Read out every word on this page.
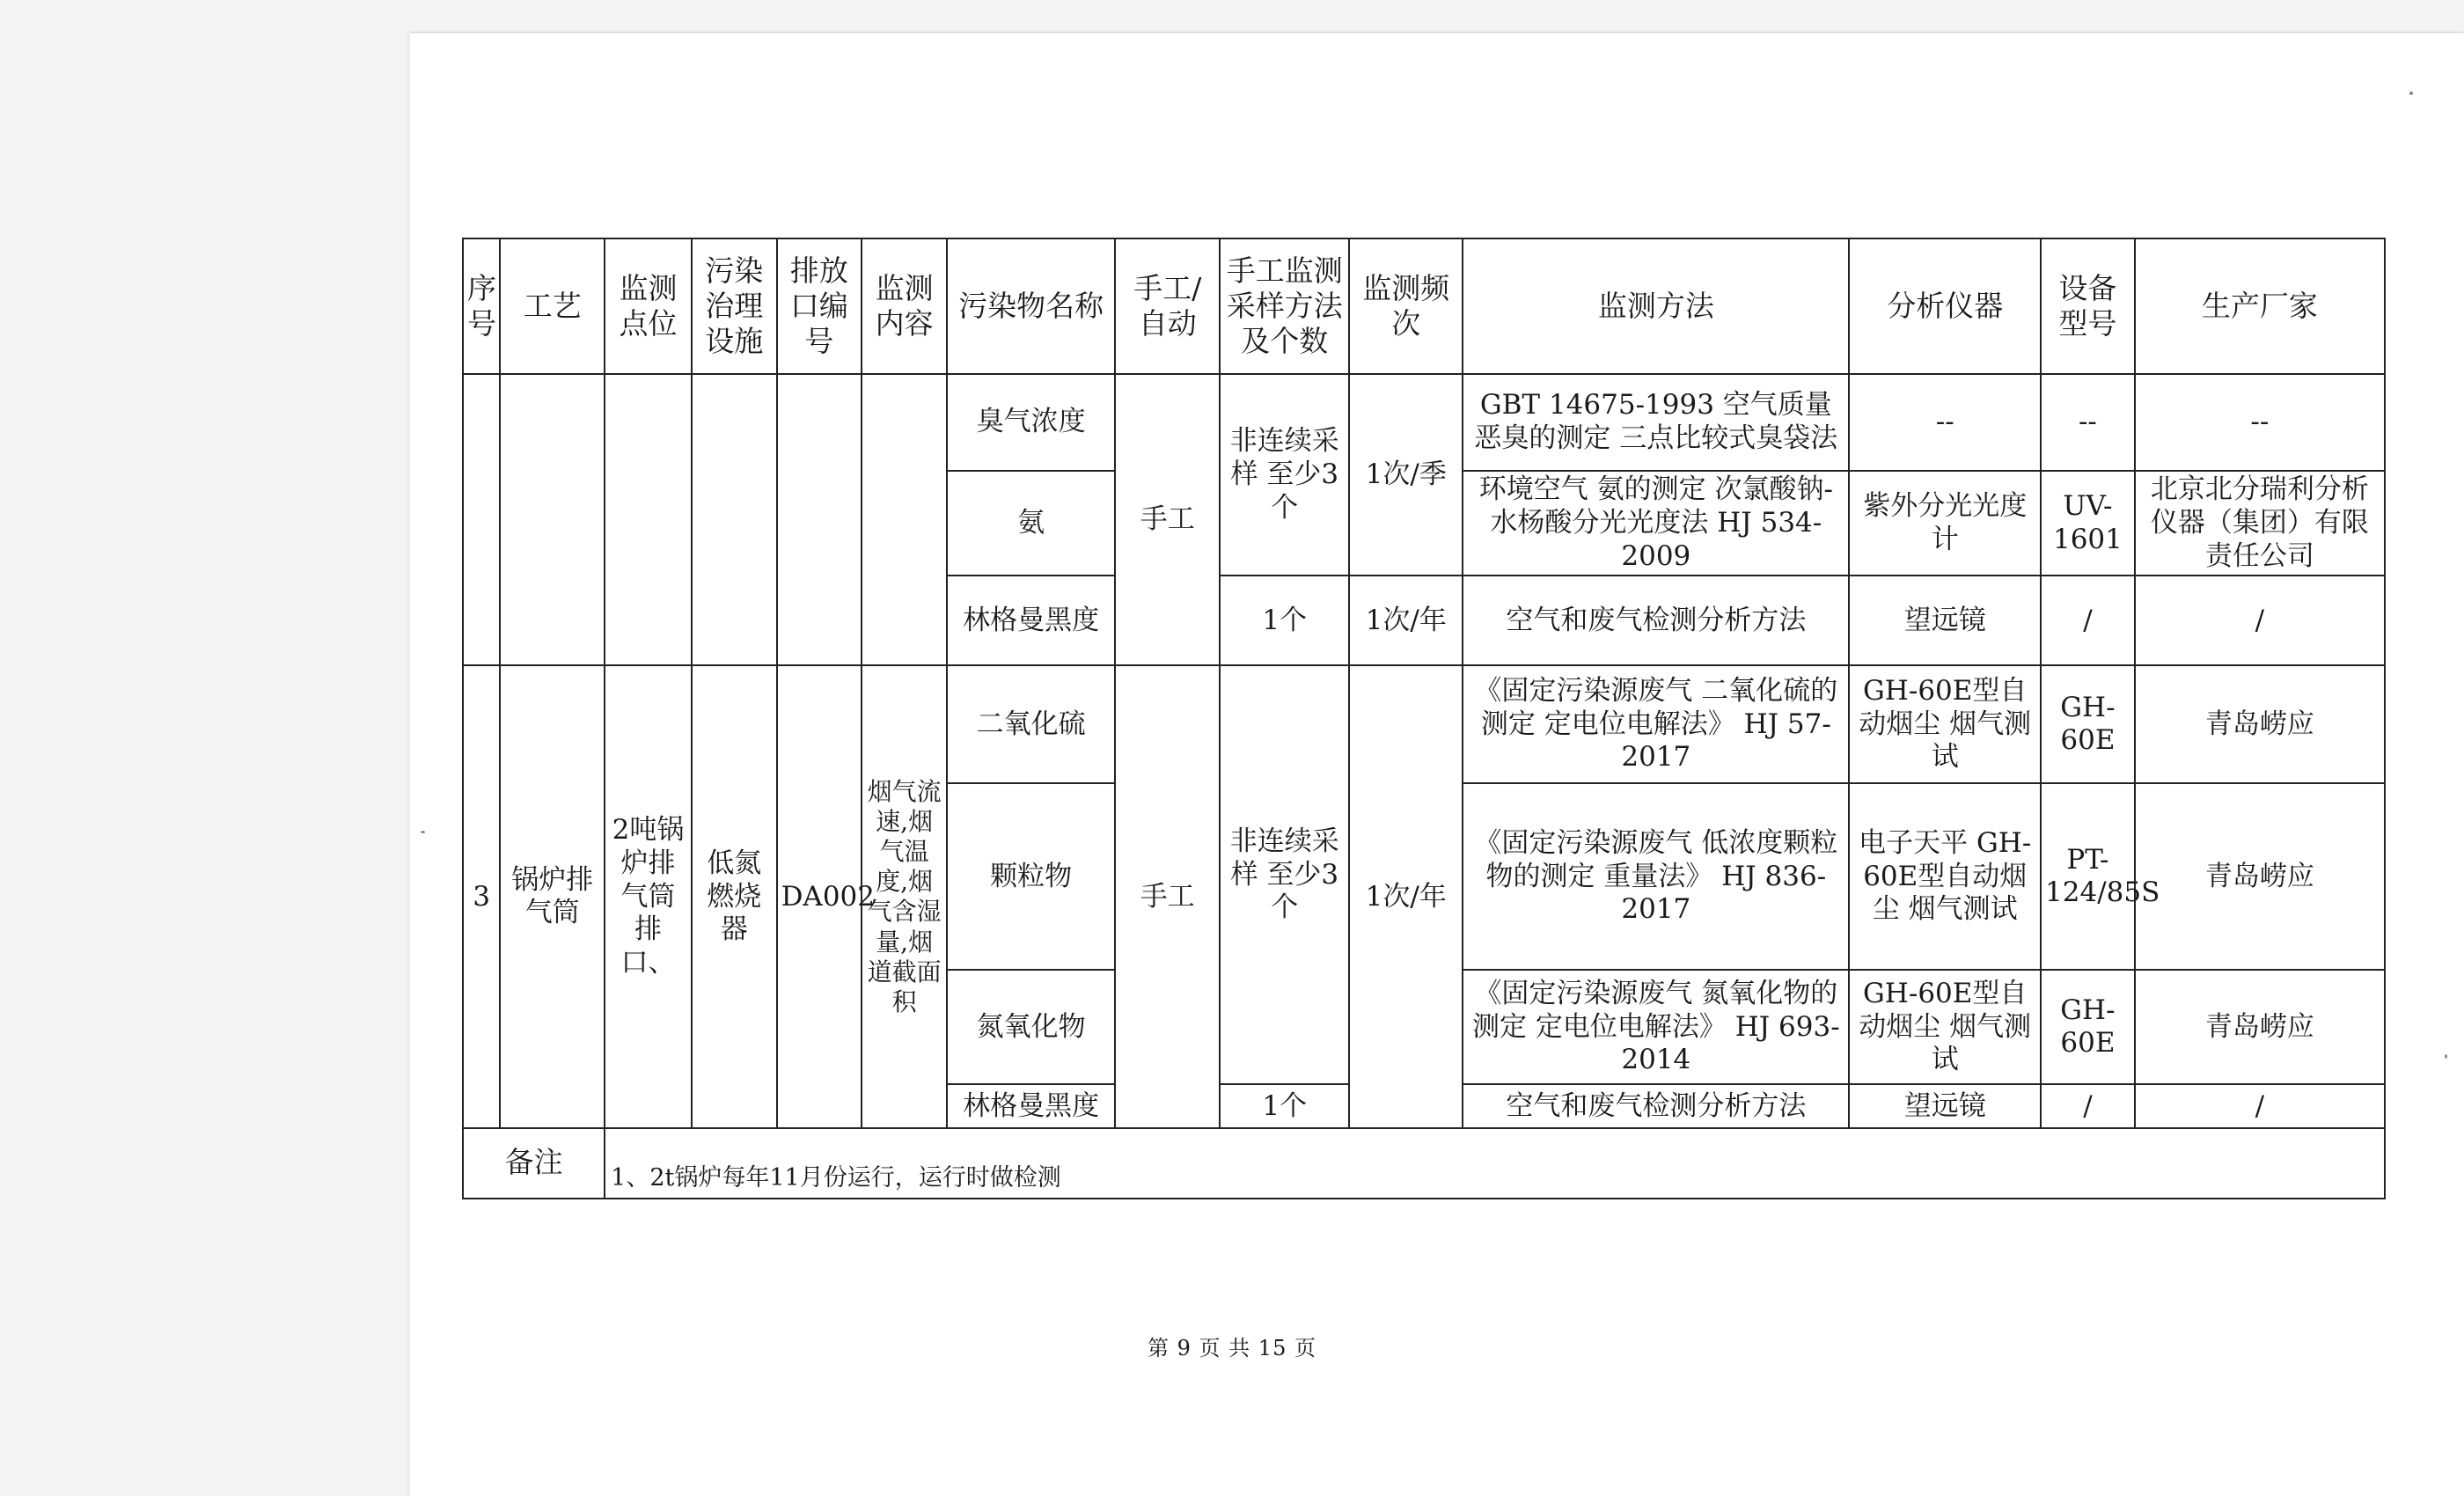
序号	工艺	监测点位	污染治理设施	排放口编号	监测内容	污染物名称	手工/自动	手工监测采样方法及个数	监测频次	监测方法	分析仪器	设备型号	生产厂家
						臭气浓度	手工	非连续采样 至少3个	1次/季	GBT 14675-1993 空气质量 恶臭的测定 三点比较式臭袋法	--	--	--
						氨				环境空气 氨的测定 次氯酸钠-水杨酸分光光度法 HJ 534-2009	紫外分光光度计	UV-1601	北京北分瑞利分析仪器（集团）有限责任公司
						林格曼黑度		1个	1次/年	空气和废气检测分析方法	望远镜	/	/
3	锅炉排气筒	2吨锅炉排气筒排口、	低氮燃烧器	DA002	烟气流速,烟气温度,烟气含湿量,烟道截面积	二氧化硫	手工	非连续采样 至少3个	1次/年	《固定污染源废气 二氧化硫的测定 定电位电解法》 HJ 57-2017	GH-60E型自动烟尘 烟气测试	GH-60E	青岛崂应
						颗粒物				《固定污染源废气 低浓度颗粒物的测定 重量法》 HJ 836-2017	电子天平 GH-60E型自动烟尘 烟气测试	PT-124/85S	青岛崂应
						氮氧化物				《固定污染源废气 氮氧化物的测定 定电位电解法》 HJ 693-2014	GH-60E型自动烟尘 烟气测试	GH-60E	青岛崂应
						林格曼黑度		1个		空气和废气检测分析方法	望远镜	/	/
备注		1、2t锅炉每年11月份运行，运行时做检测											
第 9 页 共 15 页
